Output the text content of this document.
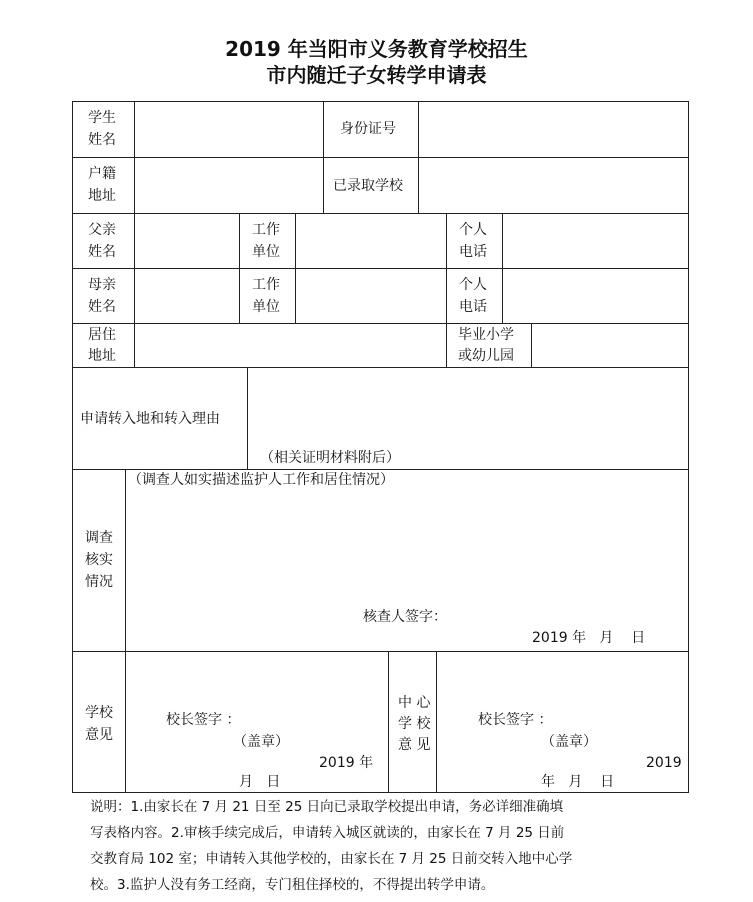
2019 年当阳市义务教育学校招生
市内随迁子女转学申请表
学生
姓名
身份证号
户籍
地址
已录取学校
父亲
姓名
工作
单位
个人
电话
母亲
姓名
工作
单位
个人
电话
居住
地址
毕业小学
或幼儿园
申请转入地和转入理由
（相关证明材料附后）
调查
核实
情况
（调查人如实描述监护人工作和居住情况）
核查人签字：
2019 年   月    日
学校
意见
校长签字 ：
（盖章）
2019 年
月   日
中 心
学 校
意 见
校长签字 ：
（盖章）
2019
年   月    日
说明：1.由家长在 7 月 21 日至 25 日向已录取学校提出申请，务必详细准确填
写表格内容。2.审核手续完成后，申请转入城区就读的，由家长在 7 月 25 日前
交教育局 102 室；申请转入其他学校的，由家长在 7 月 25 日前交转入地中心学
校。3.监护人没有务工经商，专门租住择校的，不得提出转学申请。
